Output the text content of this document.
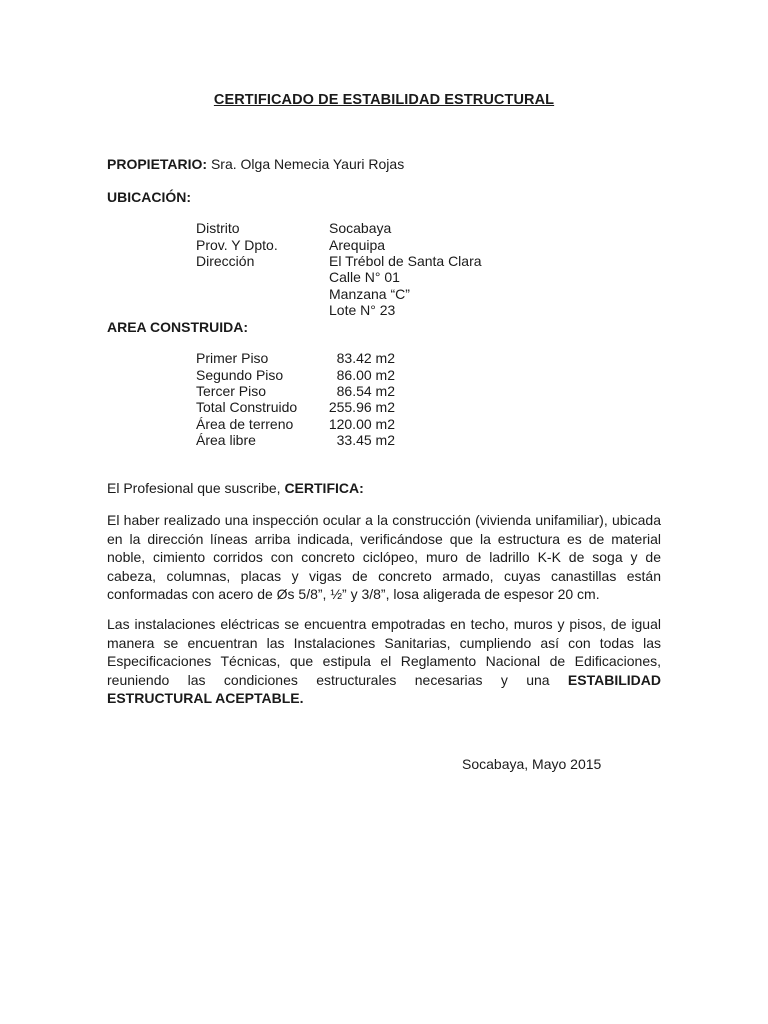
CERTIFICADO DE ESTABILIDAD ESTRUCTURAL
PROPIETARIO: Sra. Olga Nemecia Yauri Rojas
UBICACIÓN:
Distrito	Socabaya
Prov. Y Dpto.	Arequipa
Dirección	El Trébol de Santa Clara
Calle N° 01
Manzana “C”
Lote N° 23
AREA CONSTRUIDA:
Primer Piso	83.42 m2
Segundo Piso	86.00 m2
Tercer Piso	86.54 m2
Total Construido	255.96 m2
Área de terreno	120.00 m2
Área libre	33.45 m2
El Profesional que suscribe, CERTIFICA:
El haber realizado una inspección ocular a la construcción (vivienda unifamiliar), ubicada en la dirección líneas arriba indicada, verificándose que la estructura es de material noble, cimiento corridos con concreto ciclópeo, muro de ladrillo K-K de soga y de cabeza, columnas, placas y vigas de concreto armado, cuyas canastillas están conformadas con acero de Øs 5/8”, ½” y 3/8”, losa aligerada de espesor 20 cm.
Las instalaciones eléctricas se encuentra empotradas en techo, muros y pisos, de igual manera se encuentran las Instalaciones Sanitarias, cumpliendo así con todas las Especificaciones Técnicas, que estipula el Reglamento Nacional de Edificaciones, reuniendo las condiciones estructurales necesarias y una ESTABILIDAD ESTRUCTURAL ACEPTABLE.
Socabaya, Mayo 2015
